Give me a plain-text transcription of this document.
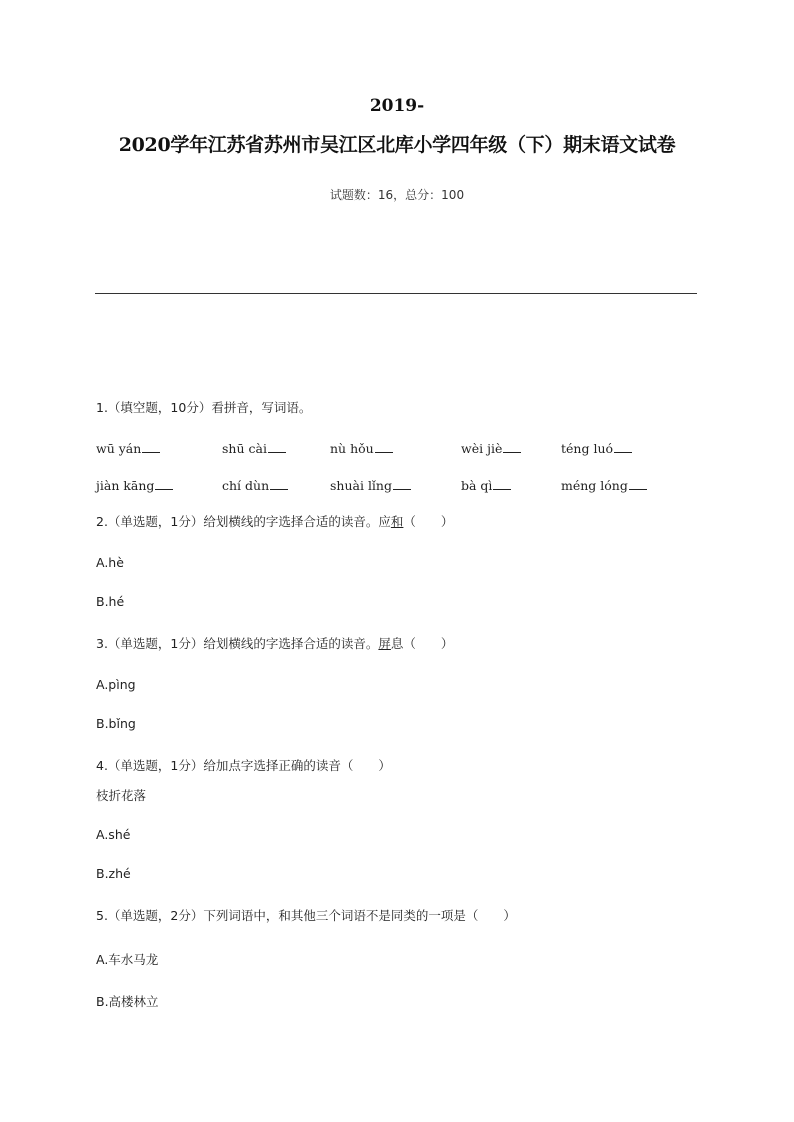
2019-
2020学年江苏省苏州市吴江区北库小学四年级（下）期末语文试卷
试题数：16，总分：100
1.（填空题，10分）看拼音，写词语。
wū yán	shū cài	nù hǒu	wèi jiè	téng luó
jiàn kāng	chí dùn	shuài lǐng	bà qì	méng lóng
2.（单选题，1分）给划横线的字选择合适的读音。应和（　　）
A.hè
B.hé
3.（单选题，1分）给划横线的字选择合适的读音。屏息（　　）
A.pìng
B.bǐng
4.（单选题，1分）给加点字选择正确的读音（　　）
枝折花落
A.shé
B.zhé
5.（单选题，2分）下列词语中，和其他三个词语不是同类的一项是（　　）
A.车水马龙
B.高楼林立
